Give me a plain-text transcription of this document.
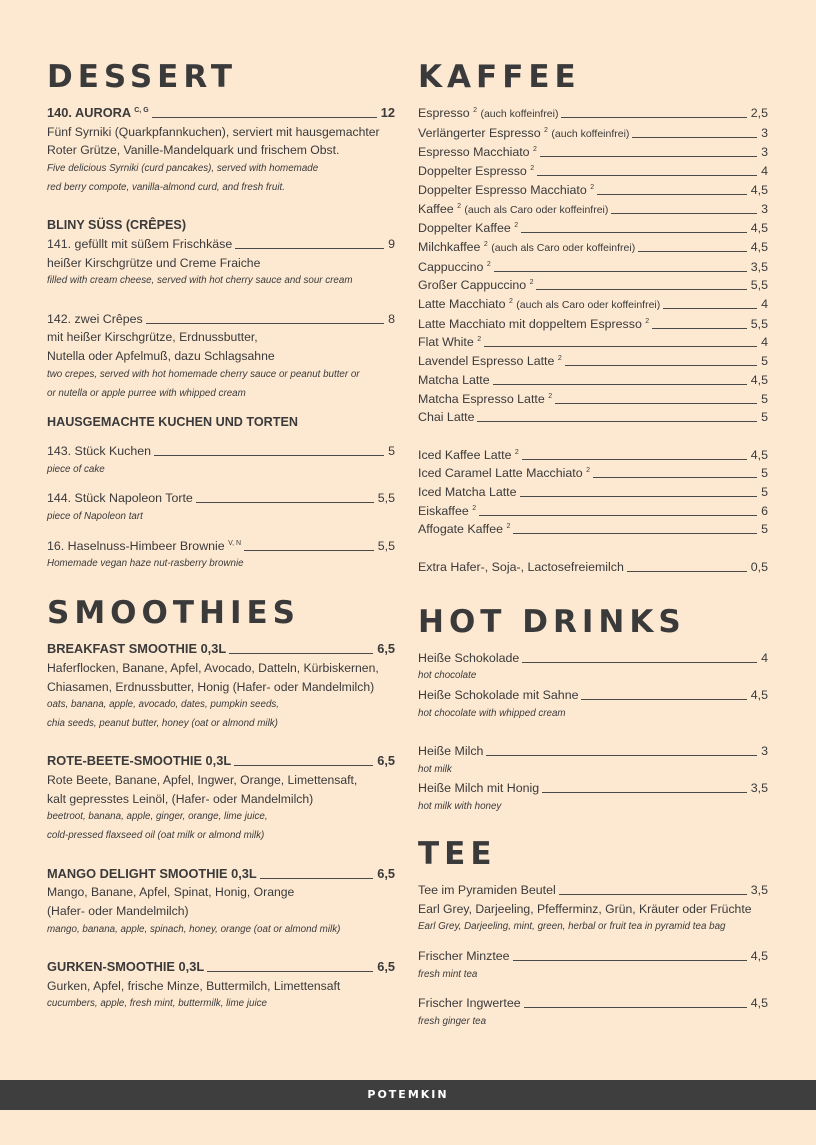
DESSERT
140. AURORA $^{C, G}$	12
Fünf Syrniki (Quarkpfannkuchen), serviert mit hausgemachter
Roter Grütze, Vanille-Mandelquark und frischem Obst.
Five delicious Syrniki (curd pancakes), served with homemade
red berry compote, vanilla-almond curd, and fresh fruit.
BLINY SÜSS (CRÊPES)
141. gefüllt mit süßem Frischkäse	9
heißer Kirschgrütze und Creme Fraiche
filled with cream cheese, served with hot cherry sauce and sour cream
142. zwei Crêpes	8
mit heißer Kirschgrütze, Erdnussbutter,
Nutella oder Apfelmuß, dazu Schlagsahne
two crepes, served with hot homemade cherry sauce or peanut butter or
or nutella or apple purree with whipped cream
HAUSGEMACHTE KUCHEN UND TORTEN
143. Stück Kuchen	5
piece of cake
144. Stück Napoleon Torte	5,5
piece of Napoleon tart
16. Haselnuss-Himbeer Brownie $^{V, N}$	5,5
Homemade vegan haze nut-rasberry brownie
SMOOTHIES
BREAKFAST SMOOTHIE 0,3L	6,5
Haferflocken, Banane, Apfel, Avocado, Datteln, Kürbiskernen,
Chiasamen, Erdnussbutter, Honig (Hafer- oder Mandelmilch)
oats, banana, apple, avocado, dates, pumpkin seeds,
chia seeds, peanut butter, honey (oat or almond milk)
ROTE-BEETE-SMOOTHIE 0,3L	6,5
Rote Beete, Banane, Apfel, Ingwer, Orange, Limettensaft,
kalt gepresstes Leinöl, (Hafer- oder Mandelmilch)
beetroot, banana, apple, ginger, orange, lime juice,
cold-pressed flaxseed oil (oat milk or almond milk)
MANGO DELIGHT SMOOTHIE 0,3L	6,5
Mango, Banane, Apfel, Spinat, Honig, Orange
(Hafer- oder Mandelmilch)
mango, banana, apple, spinach, honey, orange (oat or almond milk)
GURKEN-SMOOTHIE 0,3L	6,5
Gurken, Apfel, frische Minze, Buttermilch, Limettensaft
cucumbers, apple, fresh mint, buttermilk, lime juice
KAFFEE
Espresso $^2$ (auch koffeinfrei)	2,5
Verlängerter Espresso $^2$ (auch koffeinfrei)	3
Espresso Macchiato $^2$	3
Doppelter Espresso $^2$	4
Doppelter Espresso Macchiato $^2$	4,5
Kaffee $^2$ (auch als Caro oder koffeinfrei)	3
Doppelter Kaffee $^2$	4,5
Milchkaffee $^2$ (auch als Caro oder koffeinfrei)	4,5
Cappuccino $^2$	3,5
Großer Cappuccino $^2$	5,5
Latte Macchiato $^2$ (auch als Caro oder koffeinfrei)	4
Latte Macchiato mit doppeltem Espresso $^2$	5,5
Flat White $^2$	4
Lavendel Espresso Latte $^2$	5
Matcha Latte	4,5
Matcha Espresso Latte $^2$	5
Chai Latte	5
Iced Kaffee Latte $^2$	4,5
Iced Caramel Latte Macchiato $^2$	5
Iced Matcha Latte	5
Eiskaffee $^2$	6
Affogate Kaffee $^2$	5
Extra Hafer-, Soja-, Lactosefreiemilch	0,5
HOT DRINKS
Heiße Schokolade	4
hot chocolate
Heiße Schokolade mit Sahne	4,5
hot chocolate with whipped cream
Heiße Milch	3
hot milk
Heiße Milch mit Honig	3,5
hot milk with honey
TEE
Tee im Pyramiden Beutel	3,5
Earl Grey, Darjeeling, Pfefferminz, Grün, Kräuter oder Früchte
Earl Grey, Darjeeling, mint, green, herbal or fruit tea in pyramid tea bag
Frischer Minztee	4,5
fresh mint tea
Frischer Ingwertee	4,5
fresh ginger tea
POTEMKIN
